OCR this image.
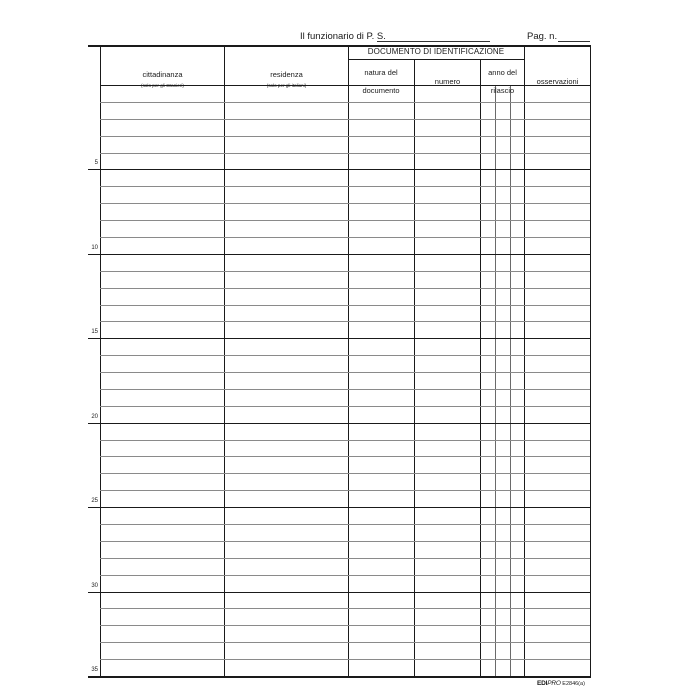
Il funzionario di P. S.	Pag. n.
DOCUMENTO DI IDENTIFICAZIONE
cittadinanza
(solo per gli stranieri)
residenza
(solo per gli italiani)
natura del documento
numero
anno del rilascio
osservazioni
5
10
15
20
25
30
35
EDIPRO E2846(a)
